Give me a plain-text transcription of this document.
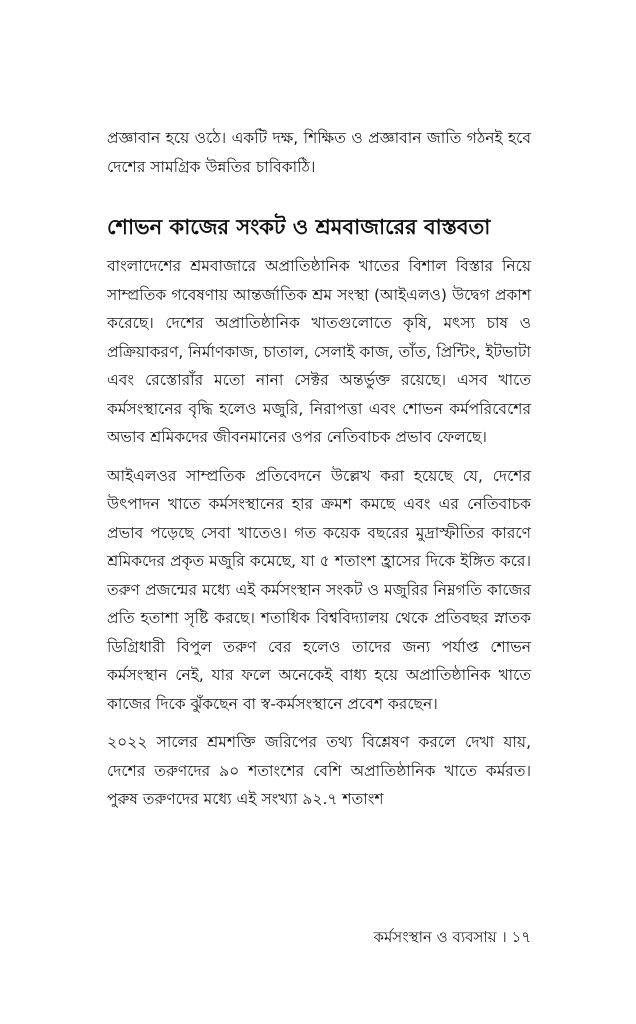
প্রজ্ঞাবান হয়ে ওঠে। একটি দক্ষ, শিক্ষিত ও প্রজ্ঞাবান জাতি গঠনই হবে দেশের সামগ্রিক উন্নতির চাবিকাঠি।

শোভন কাজের সংকট ও শ্রমবাজারের বাস্তবতা

বাংলাদেশের শ্রমবাজারে অপ্রাতিষ্ঠানিক খাতের বিশাল বিস্তার নিয়ে সাম্প্রতিক গবেষণায় আন্তর্জাতিক শ্রম সংস্থা (আইএলও) উদ্বেগ প্রকাশ করেছে। দেশের অপ্রাতিষ্ঠানিক খাতগুলোতে কৃষি, মৎস্য চাষ ও প্রক্রিয়াকরণ, নির্মাণকাজ, চাতাল, সেলাই কাজ, তাঁত, প্রিন্টিং, ইটভাটা এবং রেস্তোরাঁর মতো নানা সেক্টর অন্তর্ভুক্ত রয়েছে। এসব খাতে কর্মসংস্থানের বৃদ্ধি হলেও মজুরি, নিরাপত্তা এবং শোভন কর্মপরিবেশের অভাব শ্রমিকদের জীবনমানের ওপর নেতিবাচক প্রভাব ফেলছে।

আইএলওর সাম্প্রতিক প্রতিবেদনে উল্লেখ করা হয়েছে যে, দেশের উৎপাদন খাতে কর্মসংস্থানের হার ক্রমশ কমছে এবং এর নেতিবাচক প্রভাব পড়েছে সেবা খাতেও। গত কয়েক বছরের মুদ্রাস্ফীতির কারণে শ্রমিকদের প্রকৃত মজুরি কমেছে, যা ৫ শতাংশ হ্রাসের দিকে ইঙ্গিত করে। তরুণ প্রজন্মের মধ্যে এই কর্মসংস্থান সংকট ও মজুরির নিম্নগতি কাজের প্রতি হতাশা সৃষ্টি করছে। শতাধিক বিশ্ববিদ্যালয় থেকে প্রতিবছর স্নাতক ডিগ্রিধারী বিপুল তরুণ বের হলেও তাদের জন্য পর্যাপ্ত শোভন কর্মসংস্থান নেই, যার ফলে অনেকেই বাধ্য হয়ে অপ্রাতিষ্ঠানিক খাতে কাজের দিকে ঝুঁকছেন বা স্ব-কর্মসংস্থানে প্রবেশ করছেন।

২০২২ সালের শ্রমশক্তি জরিপের তথ্য বিশ্লেষণ করলে দেখা যায়, দেশের তরুণদের ৯০ শতাংশের বেশি অপ্রাতিষ্ঠানিক খাতে কর্মরত। পুরুষ তরুণদের মধ্যে এই সংখ্যা ৯২.৭ শতাংশ

কর্মসংস্থান ও ব্যবসায় । ১৭
